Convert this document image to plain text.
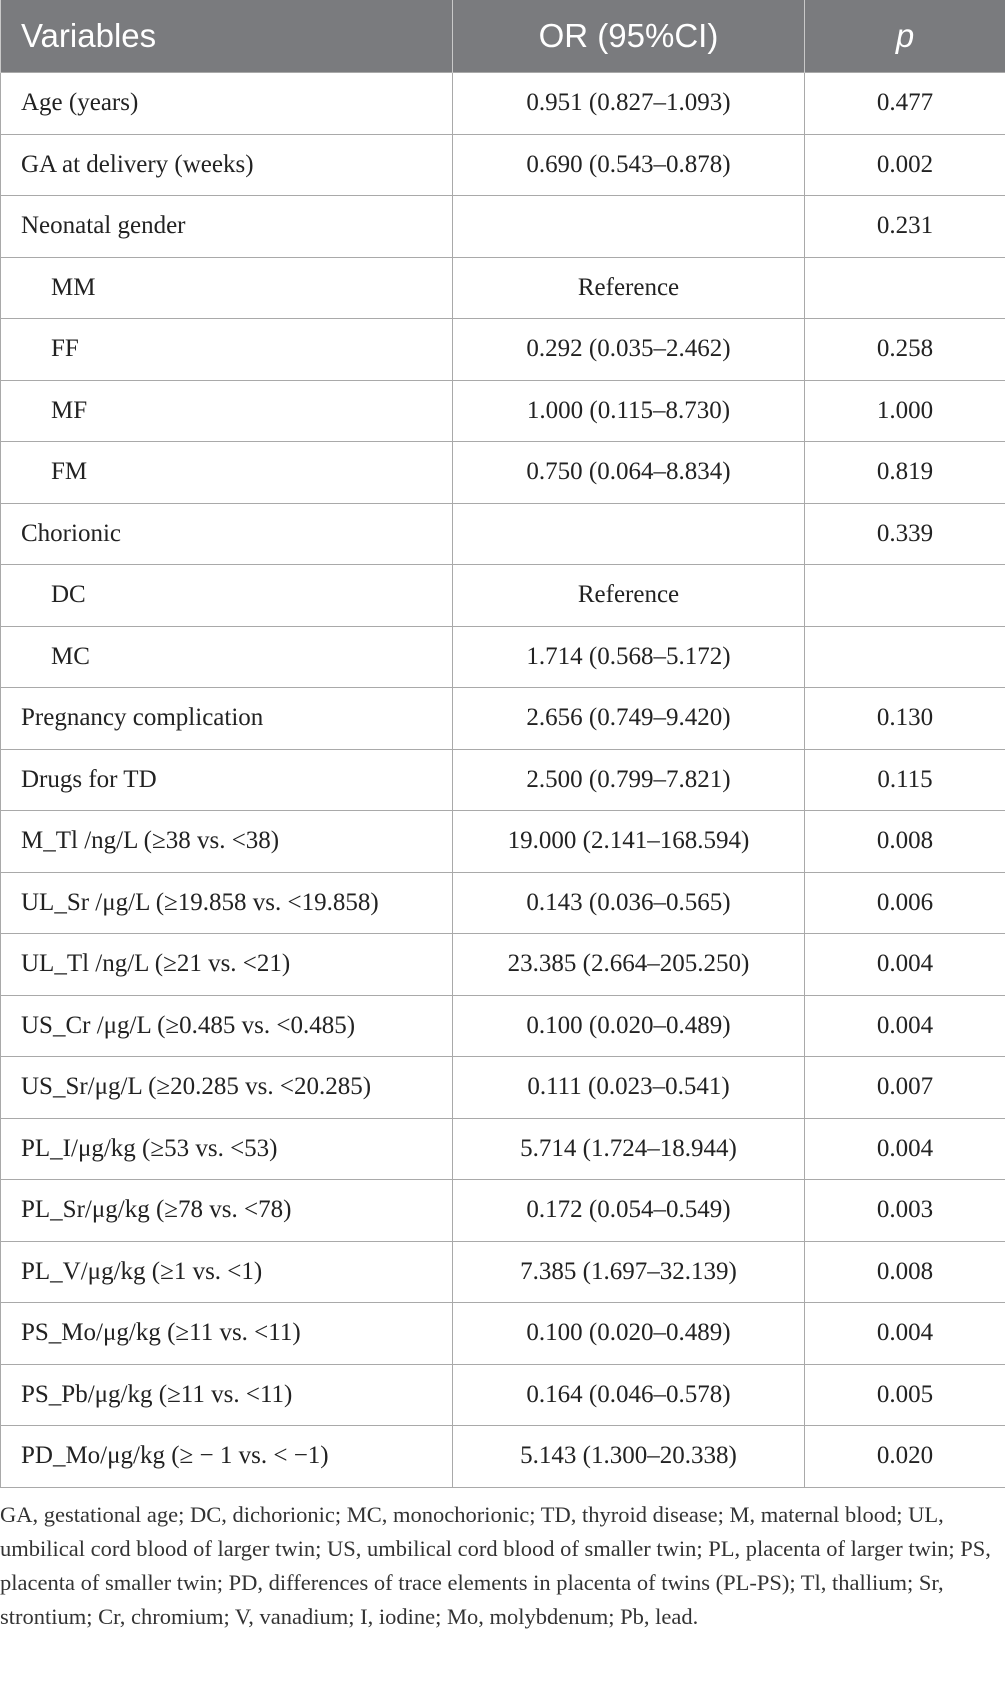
Variables	OR (95%CI)	p
Age (years)	0.951 (0.827–1.093)	0.477
GA at delivery (weeks)	0.690 (0.543–0.878)	0.002
Neonatal gender		0.231
MM	Reference	
FF	0.292 (0.035–2.462)	0.258
MF	1.000 (0.115–8.730)	1.000
FM	0.750 (0.064–8.834)	0.819
Chorionic		0.339
DC	Reference	
MC	1.714 (0.568–5.172)	
Pregnancy complication	2.656 (0.749–9.420)	0.130
Drugs for TD	2.500 (0.799–7.821)	0.115
M_Tl /ng/L (≥38 vs. <38)	19.000 (2.141–168.594)	0.008
UL_Sr /μg/L (≥19.858 vs. <19.858)	0.143 (0.036–0.565)	0.006
UL_Tl /ng/L (≥21 vs. <21)	23.385 (2.664–205.250)	0.004
US_Cr /μg/L (≥0.485 vs. <0.485)	0.100 (0.020–0.489)	0.004
US_Sr/μg/L (≥20.285 vs. <20.285)	0.111 (0.023–0.541)	0.007
PL_I/μg/kg (≥53 vs. <53)	5.714 (1.724–18.944)	0.004
PL_Sr/μg/kg (≥78 vs. <78)	0.172 (0.054–0.549)	0.003
PL_V/μg/kg (≥1 vs. <1)	7.385 (1.697–32.139)	0.008
PS_Mo/μg/kg (≥11 vs. <11)	0.100 (0.020–0.489)	0.004
PS_Pb/μg/kg (≥11 vs. <11)	0.164 (0.046–0.578)	0.005
PD_Mo/μg/kg (≥ − 1 vs. < −1)	5.143 (1.300–20.338)	0.020

GA, gestational age; DC, dichorionic; MC, monochorionic; TD, thyroid disease; M, maternal blood; UL, umbilical cord blood of larger twin; US, umbilical cord blood of smaller twin; PL, placenta of larger twin; PS, placenta of smaller twin; PD, differences of trace elements in placenta of twins (PL-PS); Tl, thallium; Sr, strontium; Cr, chromium; V, vanadium; I, iodine; Mo, molybdenum; Pb, lead.
